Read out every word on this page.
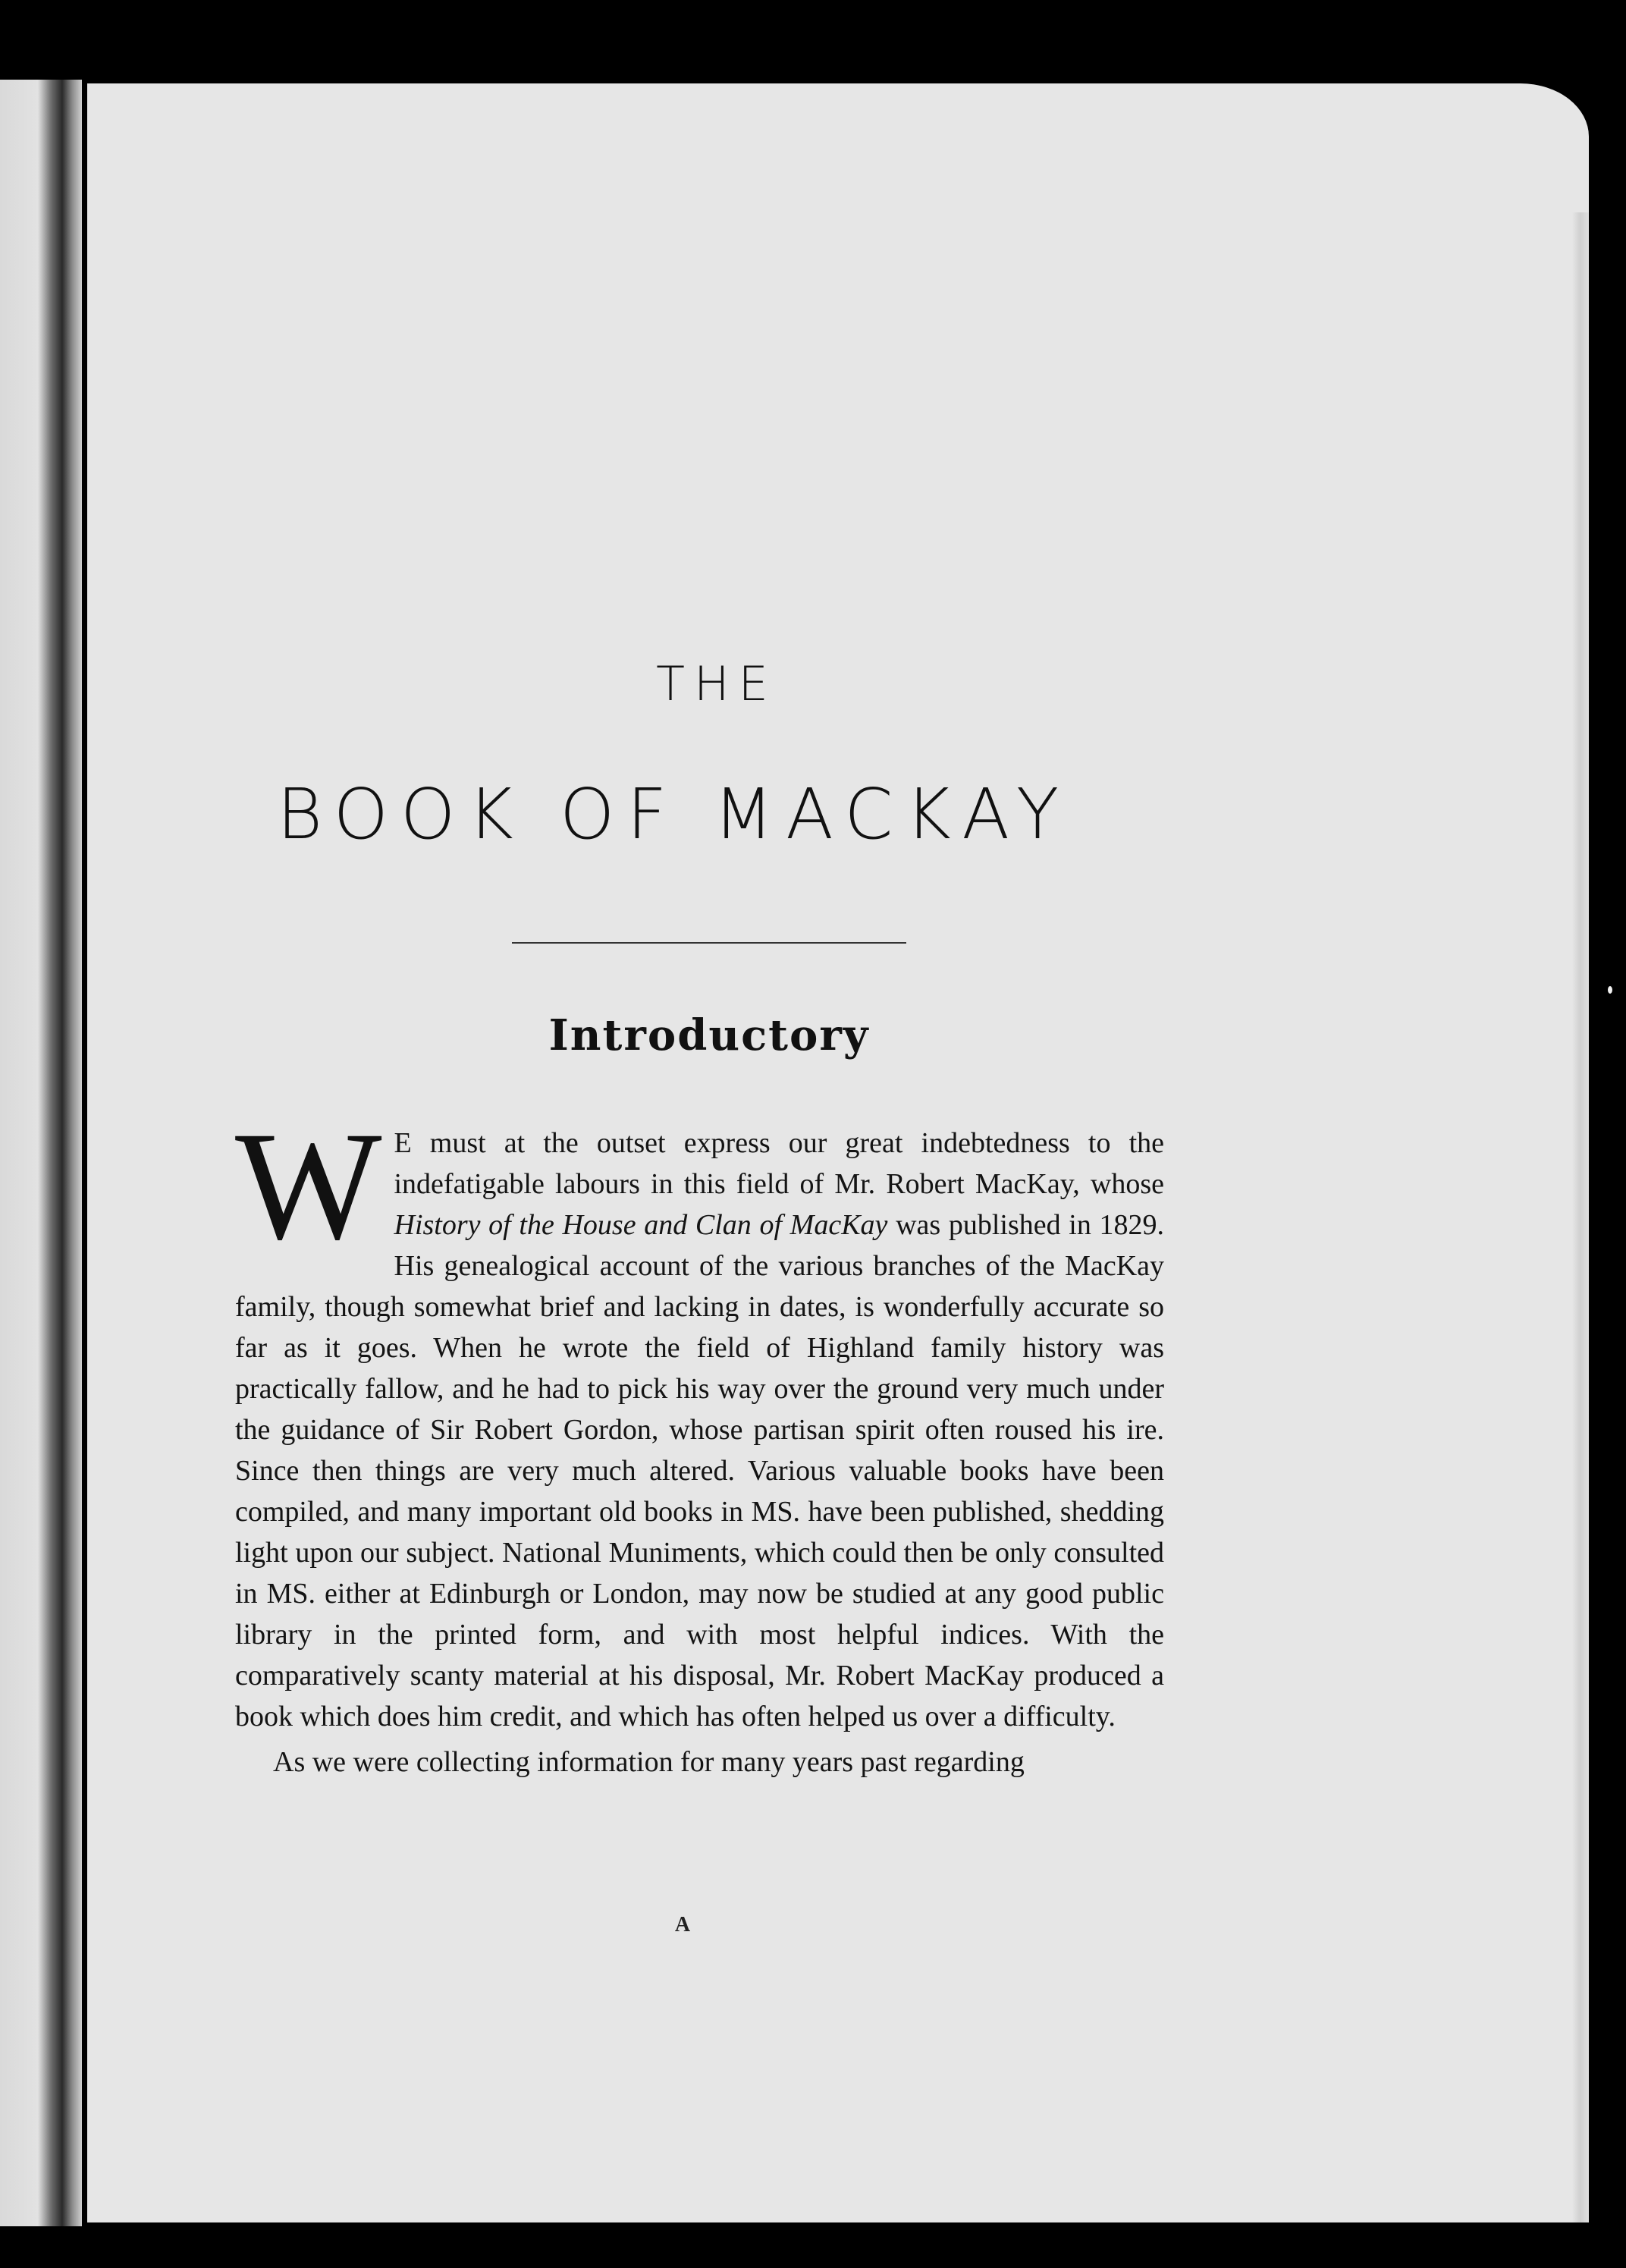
THE
BOOK OF MACKAY
Introductory

W E must at the outset express our great indebtedness to the indefatigable labours in this field of Mr. Robert MacKay, whose History of the House and Clan of MacKay was published in 1829. His genealogical account of the various branches of the MacKay family, though somewhat brief and lacking in dates, is wonderfully accurate so far as it goes. When he wrote the field of Highland family history was practically fallow, and he had to pick his way over the ground very much under the guidance of Sir Robert Gordon, whose partisan spirit often roused his ire. Since then things are very much altered. Various valuable books have been compiled, and many important old books in MS. have been published, shedding light upon our subject. National Muniments, which could then be only consulted in MS. either at Edinburgh or London, may now be studied at any good public library in the printed form, and with most helpful indices. With the comparatively scanty material at his disposal, Mr. Robert MacKay produced a book which does him credit, and which has often helped us over a difficulty.

As we were collecting information for many years past regarding

A
